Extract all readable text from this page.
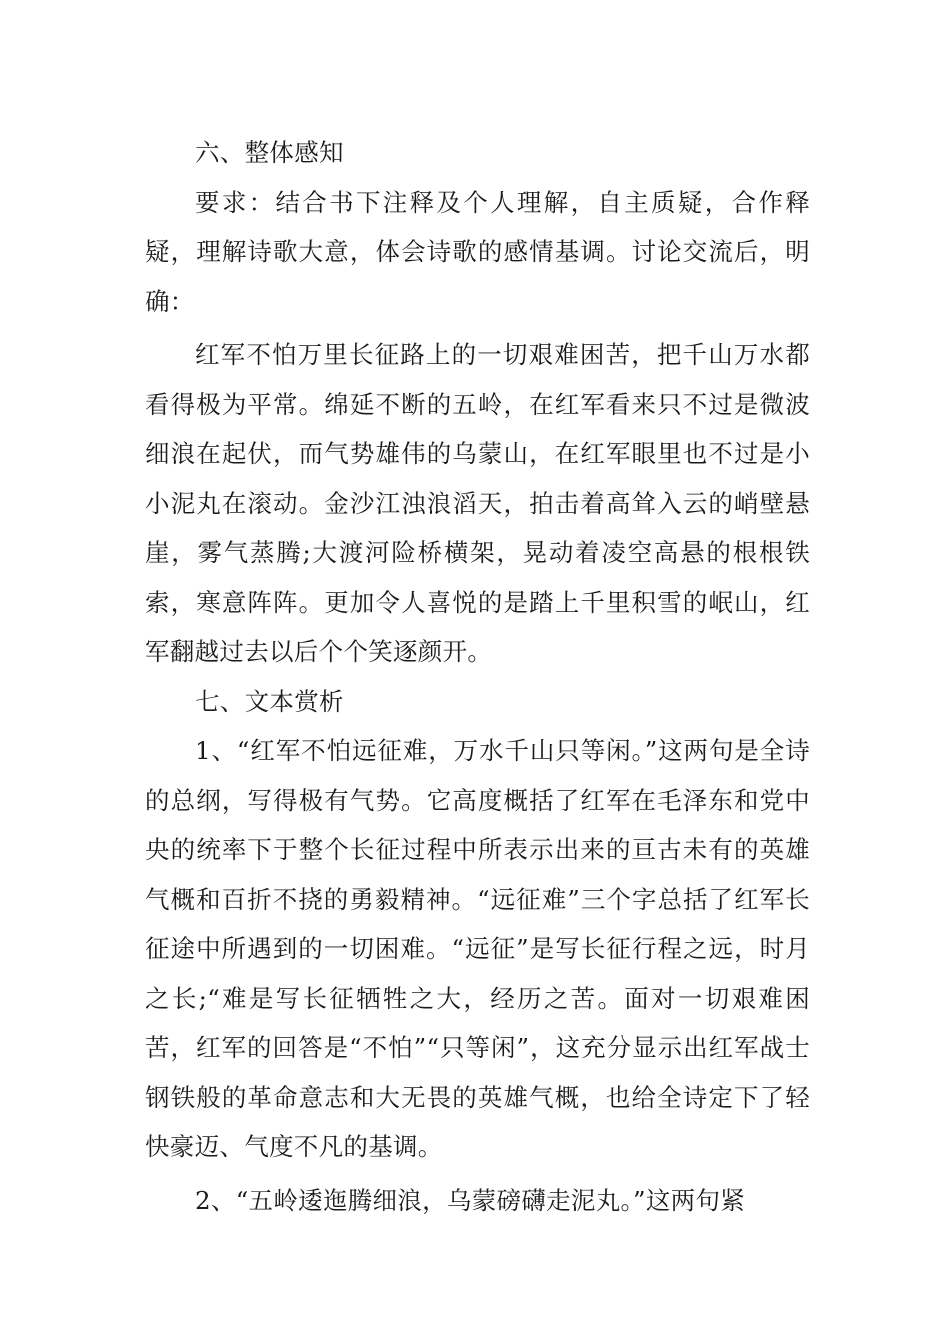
六、整体感知

要求：结合书下注释及个人理解，自主质疑，合作释疑，理解诗歌大意，体会诗歌的感情基调。讨论交流后，明确：

红军不怕万里长征路上的一切艰难困苦，把千山万水都看得极为平常。绵延不断的五岭，在红军看来只不过是微波细浪在起伏，而气势雄伟的乌蒙山，在红军眼里也不过是小小泥丸在滚动。金沙江浊浪滔天，拍击着高耸入云的峭壁悬崖，雾气蒸腾;大渡河险桥横架，晃动着凌空高悬的根根铁索，寒意阵阵。更加令人喜悦的是踏上千里积雪的岷山，红军翻越过去以后个个笑逐颜开。

七、文本赏析

1、“红军不怕远征难，万水千山只等闲。”这两句是全诗的总纲，写得极有气势。它高度概括了红军在毛泽东和党中央的统率下于整个长征过程中所表示出来的亘古未有的英雄气概和百折不挠的勇毅精神。“远征难”三个字总括了红军长征途中所遇到的一切困难。“远征”是写长征行程之远，时月之长;“难是写长征牺牲之大，经历之苦。面对一切艰难困苦，红军的回答是“不怕”“只等闲”，这充分显示出红军战士钢铁般的革命意志和大无畏的英雄气概，也给全诗定下了轻快豪迈、气度不凡的基调。

2、“五岭逶迤腾细浪，乌蒙磅礴走泥丸。”这两句紧
